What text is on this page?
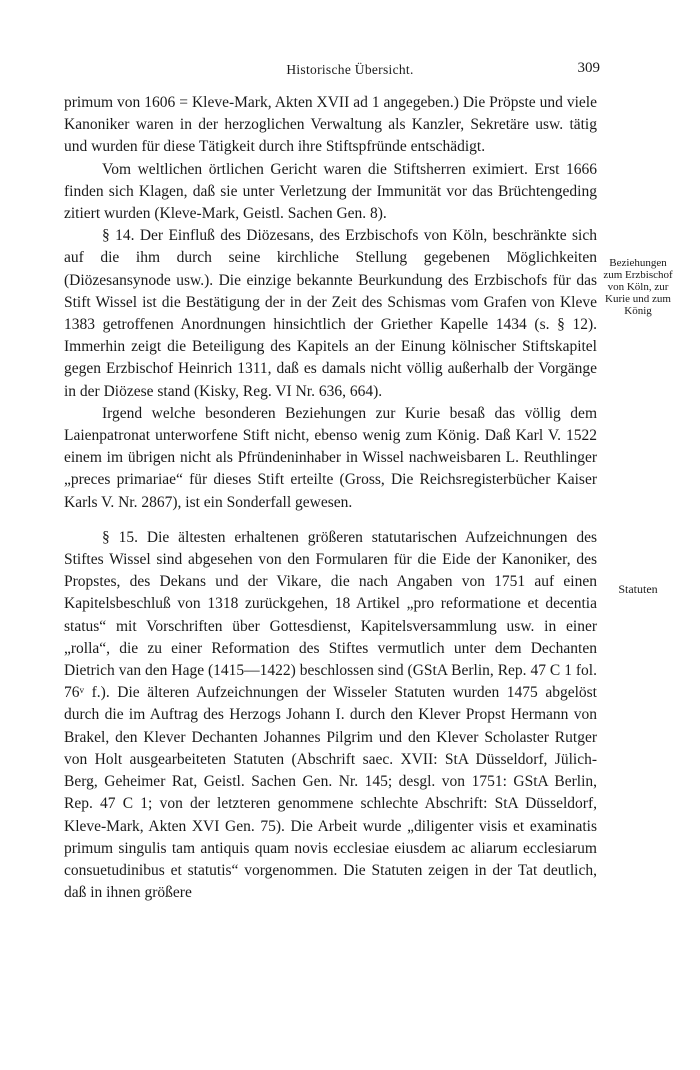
Historische Übersicht.	309

primum von 1606 = Kleve-Mark, Akten XVII ad 1 angegeben.) Die Pröpste und viele Kanoniker waren in der herzoglichen Verwaltung als Kanzler, Sekretäre usw. tätig und wurden für diese Tätigkeit durch ihre Stiftspfründe entschädigt.

Vom weltlichen örtlichen Gericht waren die Stiftsherren eximiert. Erst 1666 finden sich Klagen, daß sie unter Verletzung der Immunität vor das Brüchtengeding zitiert wurden (Kleve-Mark, Geistl. Sachen Gen. 8).

§ 14. Der Einfluß des Diözesans, des Erzbischofs von Köln, beschränkte sich auf die ihm durch seine kirchliche Stellung gegebenen Möglichkeiten (Diözesansynode usw.). Die einzige bekannte Beurkundung des Erzbischofs für das Stift Wissel ist die Bestätigung der in der Zeit des Schismas vom Grafen von Kleve 1383 getroffenen Anordnungen hinsichtlich der Griether Kapelle 1434 (s. § 12). Immerhin zeigt die Beteiligung des Kapitels an der Einung kölnischer Stiftskapitel gegen Erzbischof Heinrich 1311, daß es damals nicht völlig außerhalb der Vorgänge in der Diözese stand (Kisky, Reg. VI Nr. 636, 664).

Irgend welche besonderen Beziehungen zur Kurie besaß das völlig dem Laienpatronat unterworfene Stift nicht, ebenso wenig zum König. Daß Karl V. 1522 einem im übrigen nicht als Pfründeninhaber in Wissel nachweisbaren L. Reuthlinger „preces primariae“ für dieses Stift erteilte (Gross, Die Reichsregisterbücher Kaiser Karls V. Nr. 2867), ist ein Sonderfall gewesen.

§ 15. Die ältesten erhaltenen größeren statutarischen Aufzeichnungen des Stiftes Wissel sind abgesehen von den Formularen für die Eide der Kanoniker, des Propstes, des Dekans und der Vikare, die nach Angaben von 1751 auf einen Kapitelsbeschluß von 1318 zurückgehen, 18 Artikel „pro reformatione et decentia status“ mit Vorschriften über Gottesdienst, Kapitelsversammlung usw. in einer „rolla“, die zu einer Reformation des Stiftes vermutlich unter dem Dechanten Dietrich van den Hage (1415—1422) beschlossen sind (GStA Berlin, Rep. 47 C 1 fol. 76ᵛ f.). Die älteren Aufzeichnungen der Wisseler Statuten wurden 1475 abgelöst durch die im Auftrag des Herzogs Johann I. durch den Klever Propst Hermann von Brakel, den Klever Dechanten Johannes Pilgrim und den Klever Scholaster Rutger von Holt ausgearbeiteten Statuten (Abschrift saec. XVII: StA Düsseldorf, Jülich-Berg, Geheimer Rat, Geistl. Sachen Gen. Nr. 145; desgl. von 1751: GStA Berlin, Rep. 47 C 1; von der letzteren genommene schlechte Abschrift: StA Düsseldorf, Kleve-Mark, Akten XVI Gen. 75). Die Arbeit wurde „diligenter visis et examinatis primum singulis tam antiquis quam novis ecclesiae eiusdem ac aliarum ecclesiarum consuetudinibus et statutis“ vorgenommen. Die Statuten zeigen in der Tat deutlich, daß in ihnen größere

Beziehungen zum Erzbischof von Köln, zur Kurie und zum König
Statuten
